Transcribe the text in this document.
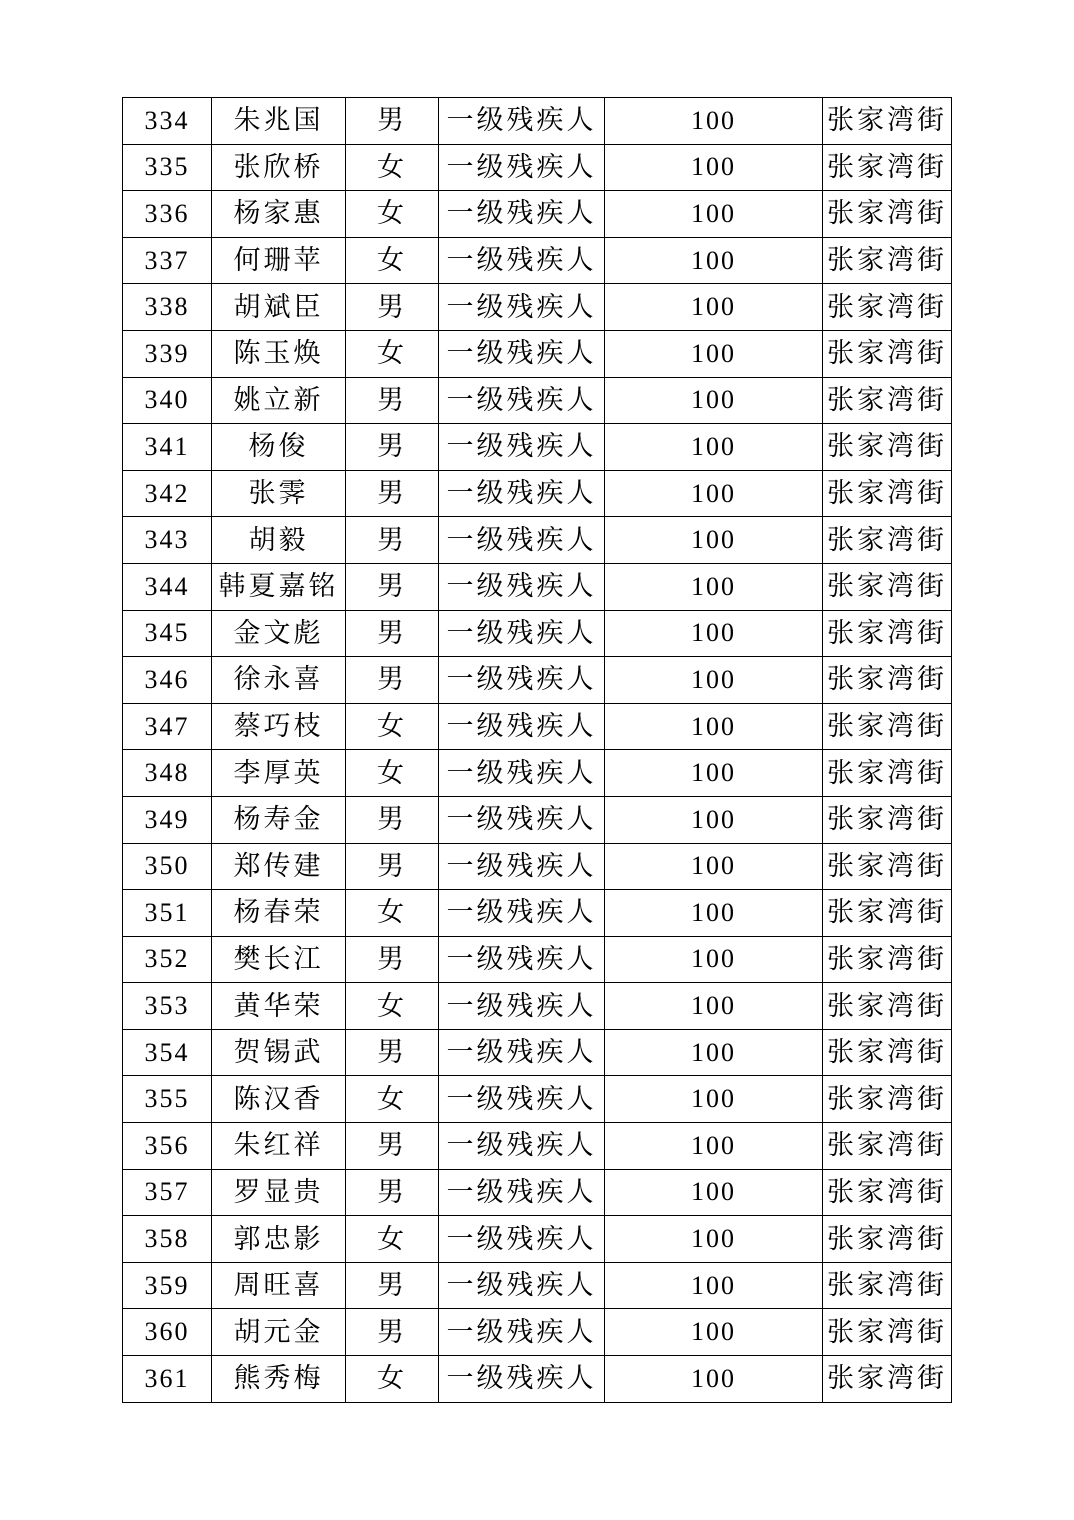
334	朱兆国	男	一级残疾人	100	张家湾街
335	张欣桥	女	一级残疾人	100	张家湾街
336	杨家惠	女	一级残疾人	100	张家湾街
337	何珊苹	女	一级残疾人	100	张家湾街
338	胡斌臣	男	一级残疾人	100	张家湾街
339	陈玉焕	女	一级残疾人	100	张家湾街
340	姚立新	男	一级残疾人	100	张家湾街
341	杨俊	男	一级残疾人	100	张家湾街
342	张霁	男	一级残疾人	100	张家湾街
343	胡毅	男	一级残疾人	100	张家湾街
344	韩夏嘉铭	男	一级残疾人	100	张家湾街
345	金文彪	男	一级残疾人	100	张家湾街
346	徐永喜	男	一级残疾人	100	张家湾街
347	蔡巧枝	女	一级残疾人	100	张家湾街
348	李厚英	女	一级残疾人	100	张家湾街
349	杨寿金	男	一级残疾人	100	张家湾街
350	郑传建	男	一级残疾人	100	张家湾街
351	杨春荣	女	一级残疾人	100	张家湾街
352	樊长江	男	一级残疾人	100	张家湾街
353	黄华荣	女	一级残疾人	100	张家湾街
354	贺锡武	男	一级残疾人	100	张家湾街
355	陈汉香	女	一级残疾人	100	张家湾街
356	朱红祥	男	一级残疾人	100	张家湾街
357	罗显贵	男	一级残疾人	100	张家湾街
358	郭忠影	女	一级残疾人	100	张家湾街
359	周旺喜	男	一级残疾人	100	张家湾街
360	胡元金	男	一级残疾人	100	张家湾街
361	熊秀梅	女	一级残疾人	100	张家湾街
